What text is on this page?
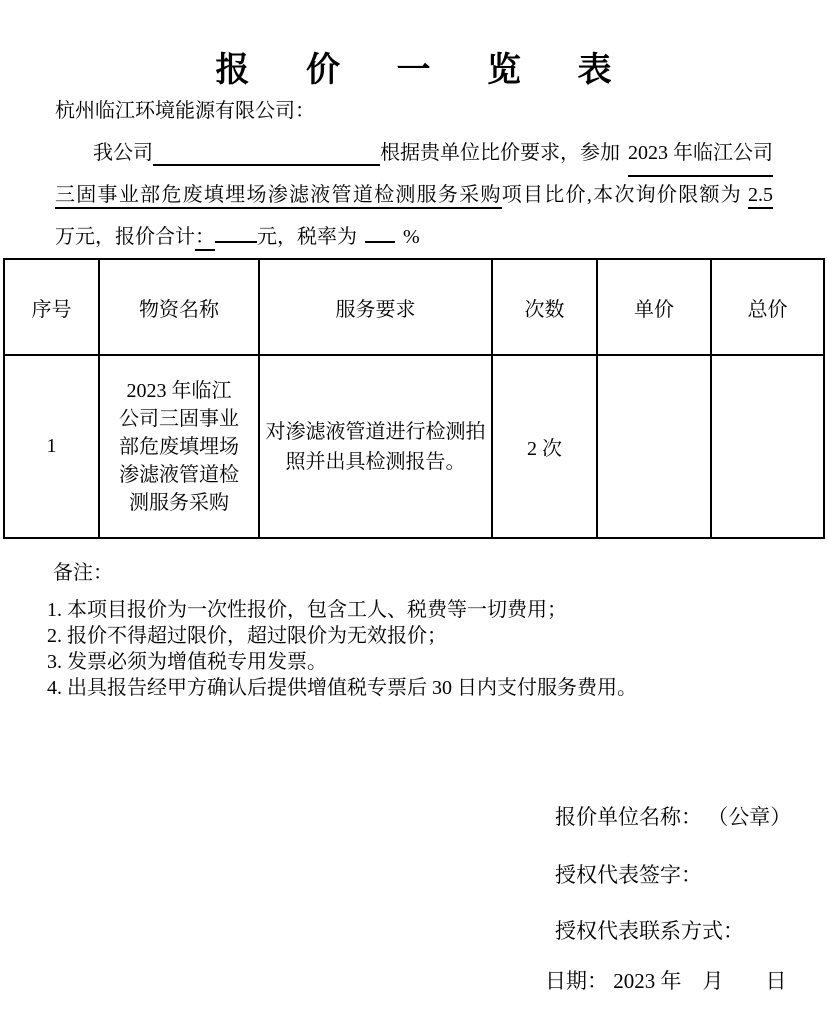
报 价 一 览 表
杭州临江环境能源有限公司：
我公司	根据贵单位比价要求，参加 2023 年临江公司
三固事业部危废填埋场渗滤液管道检测服务采购项目比价,本次询价限额为 2.5
万元，报价合计： 元，税率为 %
序号	物资名称	服务要求	次数	单价	总价
1	2023 年临江公司三固事业部危废填埋场渗滤液管道检测服务采购	对渗滤液管道进行检测拍照并出具检测报告。	2 次		
备注：
1. 本项目报价为一次性报价，包含工人、税费等一切费用；
2. 报价不得超过限价，超过限价为无效报价；
3. 发票必须为增值税专用发票。
4. 出具报告经甲方确认后提供增值税专票后 30 日内支付服务费用。
报价单位名称： （公章）
授权代表签字：
授权代表联系方式：
日期： 2023 年　月　　日
